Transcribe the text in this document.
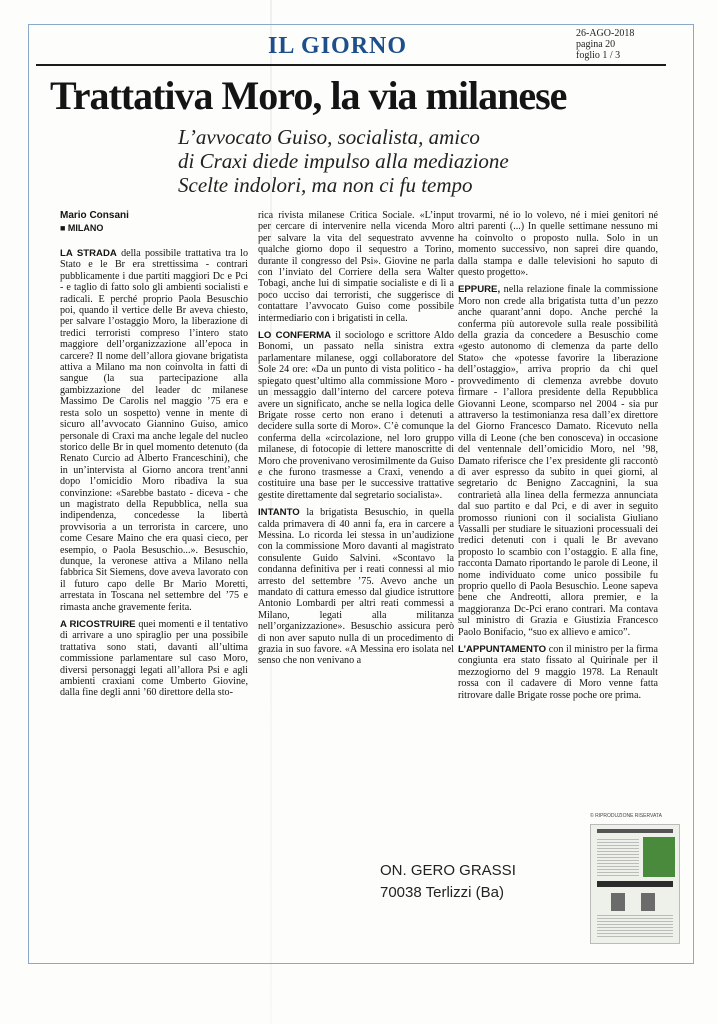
IL GIORNO	26-AGO-2018
pagina 20
foglio 1 / 3
Trattativa Moro, la via milanese
L’avvocato Guiso, socialista, amico
di Craxi diede impulso alla mediazione
Scelte indolori, ma non ci fu tempo
Mario Consani
■ MILANO

LA STRADA della possibile trattativa tra lo Stato e le Br era strettissima - contrari pubblicamente i due partiti maggiori Dc e Pci - e taglio di fatto solo gli ambienti socialisti e radicali. E perché proprio Paola Besuschio poi, quando il vertice delle Br aveva chiesto, per salvare l’ostaggio Moro, la liberazione di tredici terroristi compreso l’intero stato maggiore dell’organizzazione all’epoca in carcere? Il nome dell’allora giovane brigatista attiva a Milano ma non coinvolta in fatti di sangue (la sua partecipazione alla gambizzazione del leader dc milanese Massimo De Carolis nel maggio ’75 era e resta solo un sospetto) venne in mente di sicuro all’avvocato Giannino Guiso, amico personale di Craxi ma anche legale del nucleo storico delle Br in quel momento detenuto (da Renato Curcio ad Alberto Franceschini), che in un’intervista al Giorno ancora trent’anni dopo l’omicidio Moro ribadiva la sua convinzione: «Sarebbe bastato - diceva - che un magistrato della Repubblica, nella sua indipendenza, concedesse la libertà provvisoria a un terrorista in carcere, uno come Cesare Maino che era quasi cieco, per esempio, o Paola Besuschio...». Besuschio, dunque, la veronese attiva a Milano nella fabbrica Sit Siemens, dove aveva lavorato con il futuro capo delle Br Mario Moretti, arrestata in Toscana nel settembre del ’75 e rimasta anche gravemente ferita.

A RICOSTRUIRE quei momenti e il tentativo di arrivare a uno spiraglio per una possibile trattativa sono stati, davanti all’ultima commissione parlamentare sul caso Moro, diversi personaggi legati all’allora Psi e agli ambienti craxiani come Umberto Giovine, dalla fine degli anni ’60 direttore della sto-

rica rivista milanese Critica Sociale. «L’input per cercare di intervenire nella vicenda Moro per salvare la vita del sequestrato avvenne qualche giorno dopo il sequestro a Torino, durante il congresso del Psi». Giovine ne parla con l’inviato del Corriere della sera Walter Tobagi, anche lui di simpatie socialiste e di lì a poco ucciso dai terroristi, che suggerisce di contattare l’avvocato Guiso come possibile intermediario con i brigatisti in cella.

LO CONFERMA il sociologo e scrittore Aldo Bonomi, un passato nella sinistra extra parlamentare milanese, oggi collaboratore del Sole 24 ore: «Da un punto di vista politico - ha spiegato quest’ultimo alla commissione Moro - un messaggio dall’interno del carcere poteva avere un significato, anche se nella logica delle Brigate rosse certo non erano i detenuti a decidere sulla sorte di Moro». C’è comunque la conferma della «circolazione, nel loro gruppo milanese, di fotocopie di lettere manoscritte di Moro che provenivano verosimilmente da Guiso e che furono trasmesse a Craxi, venendo a costituire una base per le successive trattative gestite direttamente dal segretario socialista».

INTANTO la brigatista Besuschio, in quella calda primavera di 40 anni fa, era in carcere a Messina. Lo ricorda lei stessa in un’audizione con la commissione Moro davanti al magistrato consulente Guido Salvini. «Scontavo la condanna definitiva per i reati connessi al mio arresto del settembre ’75. Avevo anche un mandato di cattura emesso dal giudice istruttore Antonio Lombardi per altri reati commessi a Milano, legati alla militanza nell’organizzazione». Besuschio assicura però di non aver saputo nulla di un procedimento di grazia in suo favore. «A Messina ero isolata nel senso che non venivano a

trovarmi, né io lo volevo, né i miei genitori né altri parenti (...) In quelle settimane nessuno mi ha coinvolto o proposto nulla. Solo in un momento successivo, non saprei dire quando, dalla stampa e dalle televisioni ho saputo di questo progetto».

EPPURE, nella relazione finale la commissione Moro non crede alla brigatista tutta d’un pezzo anche quarant’anni dopo. Anche perché la conferma più autorevole sulla reale possibilità della grazia da concedere a Besuschio come «gesto autonomo di clemenza da parte dello Stato» che «potesse favorire la liberazione dell’ostaggio», arriva proprio da chi quel provvedimento di clemenza avrebbe dovuto firmare - l’allora presidente della Repubblica Giovanni Leone, scomparso nel 2004 - sia pur attraverso la testimonianza resa dall’ex direttore del Giorno Francesco Damato. Ricevuto nella villa di Leone (che ben conosceva) in occasione del ventennale dell’omicidio Moro, nel ’98, Damato riferisce che l’ex presidente gli raccontò di aver espresso da subito in quei giorni, al segretario dc Benigno Zaccagnini, la sua contrarietà alla linea della fermezza annunciata dal suo partito e dal Pci, e di aver in seguito promosso riunioni con il socialista Giuliano Vassalli per studiare le situazioni processuali dei tredici detenuti con i quali le Br avevano proposto lo scambio con l’ostaggio. E alla fine, racconta Damato riportando le parole di Leone, il nome individuato come unico possibile fu proprio quello di Paola Besuschio. Leone sapeva bene che Andreotti, allora premier, e la maggioranza Dc-Pci erano contrari. Ma contava sul ministro di Grazia e Giustizia Francesco Paolo Bonifacio, “suo ex allievo e amico”.

L’APPUNTAMENTO con il ministro per la firma congiunta era stato fissato al Quirinale per il mezzogiorno del 9 maggio 1978. La Renault rossa con il cadavere di Moro venne fatta ritrovare dalle Brigate rosse poche ore prima.

ON. GERO GRASSI
70038 Terlizzi (Ba)
© RIPRODUZIONE RISERVATA
